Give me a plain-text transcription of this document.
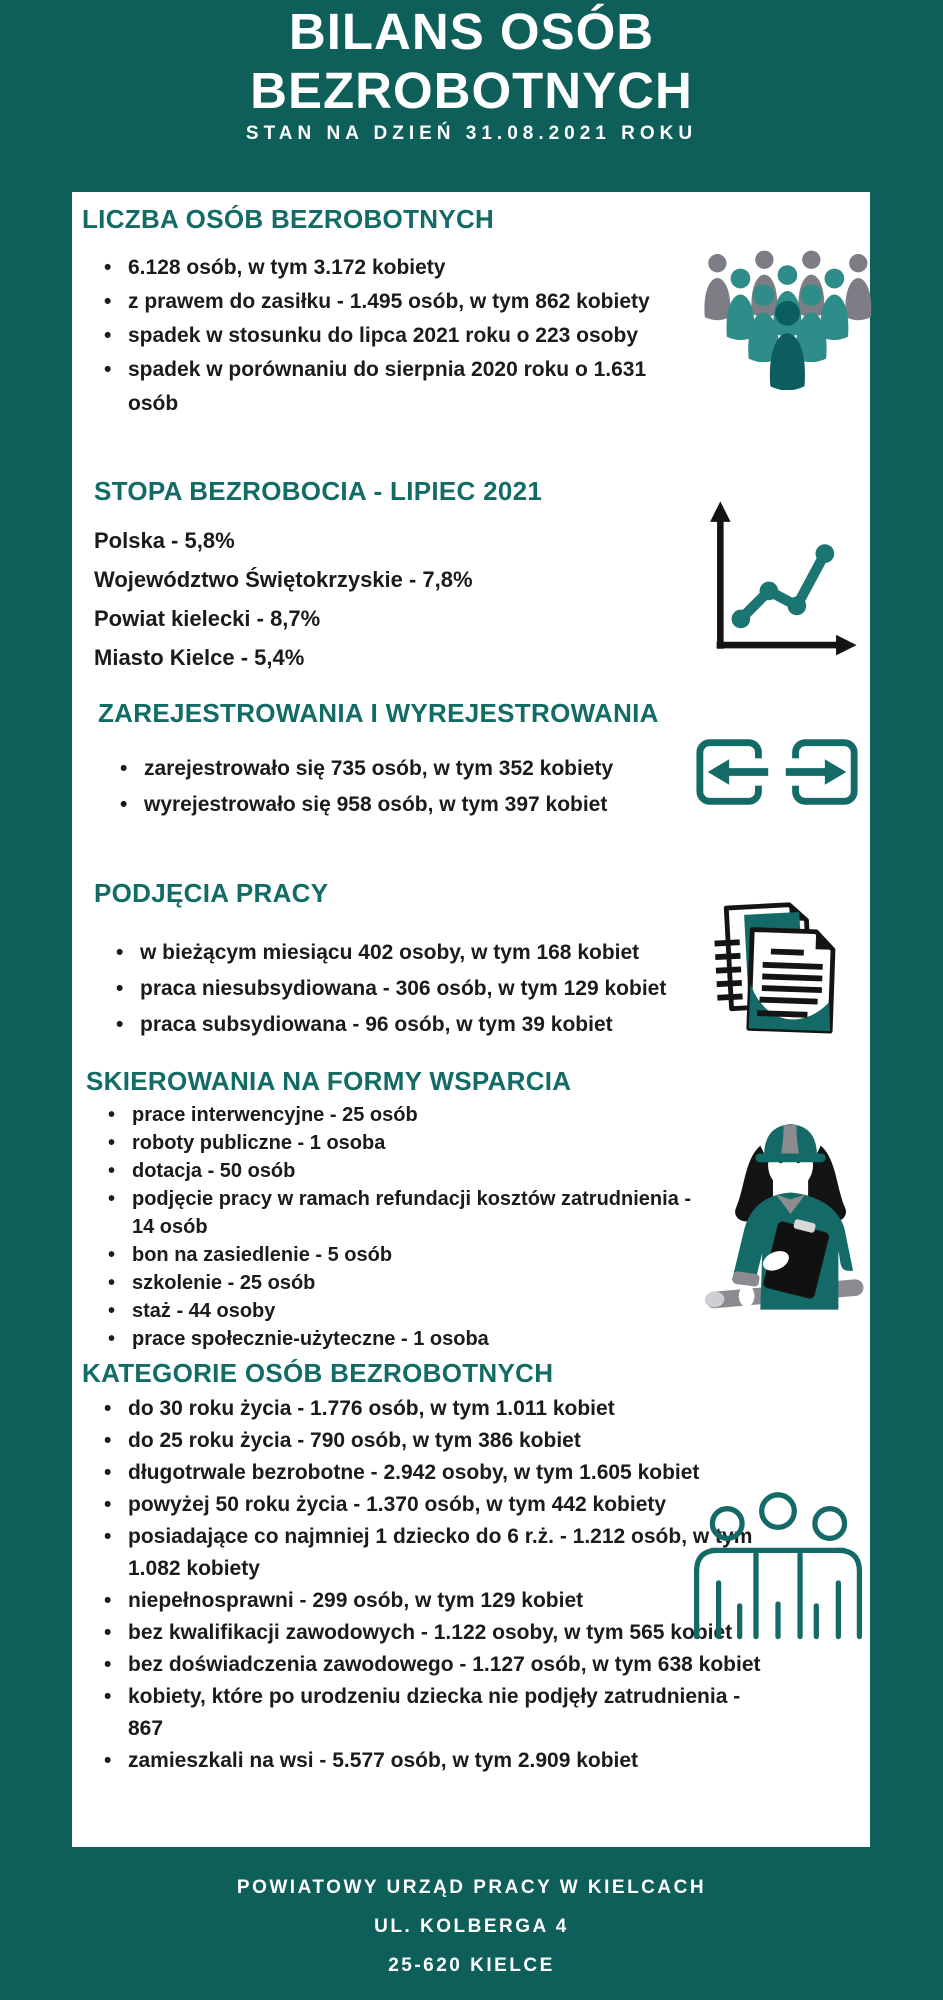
BILANS OSÓB
BEZROBOTNYCH
STAN NA DZIEŃ 31.08.2021 ROKU
LICZBA OSÓB BEZROBOTNYCH
• 6.128 osób, w tym 3.172 kobiety
• z prawem do zasiłku - 1.495 osób, w tym 862 kobiety
• spadek w stosunku do lipca 2021 roku o 223 osoby
• spadek w porównaniu do sierpnia 2020 roku o 1.631 osób
STOPA BEZROBOCIA - LIPIEC 2021
Polska - 5,8%
Województwo Świętokrzyskie - 7,8%
Powiat kielecki - 8,7%
Miasto Kielce - 5,4%
ZAREJESTROWANIA I WYREJESTROWANIA
• zarejestrowało się 735 osób, w tym 352 kobiety
• wyrejestrowało się 958 osób, w tym 397 kobiet
PODJĘCIA PRACY
• w bieżącym miesiącu 402 osoby, w tym 168 kobiet
• praca niesubsydiowana - 306 osób, w tym 129 kobiet
• praca subsydiowana - 96 osób, w tym 39 kobiet
SKIEROWANIA NA FORMY WSPARCIA
• prace interwencyjne - 25 osób
• roboty publiczne - 1 osoba
• dotacja - 50 osób
• podjęcie pracy w ramach refundacji kosztów zatrudnienia - 14 osób
• bon na zasiedlenie - 5 osób
• szkolenie - 25 osób
• staż - 44 osoby
• prace społecznie-użyteczne - 1 osoba
KATEGORIE OSÓB BEZROBOTNYCH
• do 30 roku życia - 1.776 osób, w tym 1.011 kobiet
• do 25 roku życia - 790 osób, w tym 386 kobiet
• długotrwale bezrobotne - 2.942 osoby, w tym 1.605 kobiet
• powyżej 50 roku życia - 1.370 osób, w tym 442 kobiety
• posiadające co najmniej 1 dziecko do 6 r.ż. - 1.212 osób, w tym 1.082 kobiety
• niepełnosprawni - 299 osób, w tym 129 kobiet
• bez kwalifikacji zawodowych - 1.122 osoby, w tym 565 kobiet
• bez doświadczenia zawodowego - 1.127 osób, w tym 638 kobiet
• kobiety, które po urodzeniu dziecka nie podjęły zatrudnienia - 867
• zamieszkali na wsi - 5.577 osób, w tym 2.909 kobiet
POWIATOWY URZĄD PRACY W KIELCACH
UL. KOLBERGA 4
25-620 KIELCE
